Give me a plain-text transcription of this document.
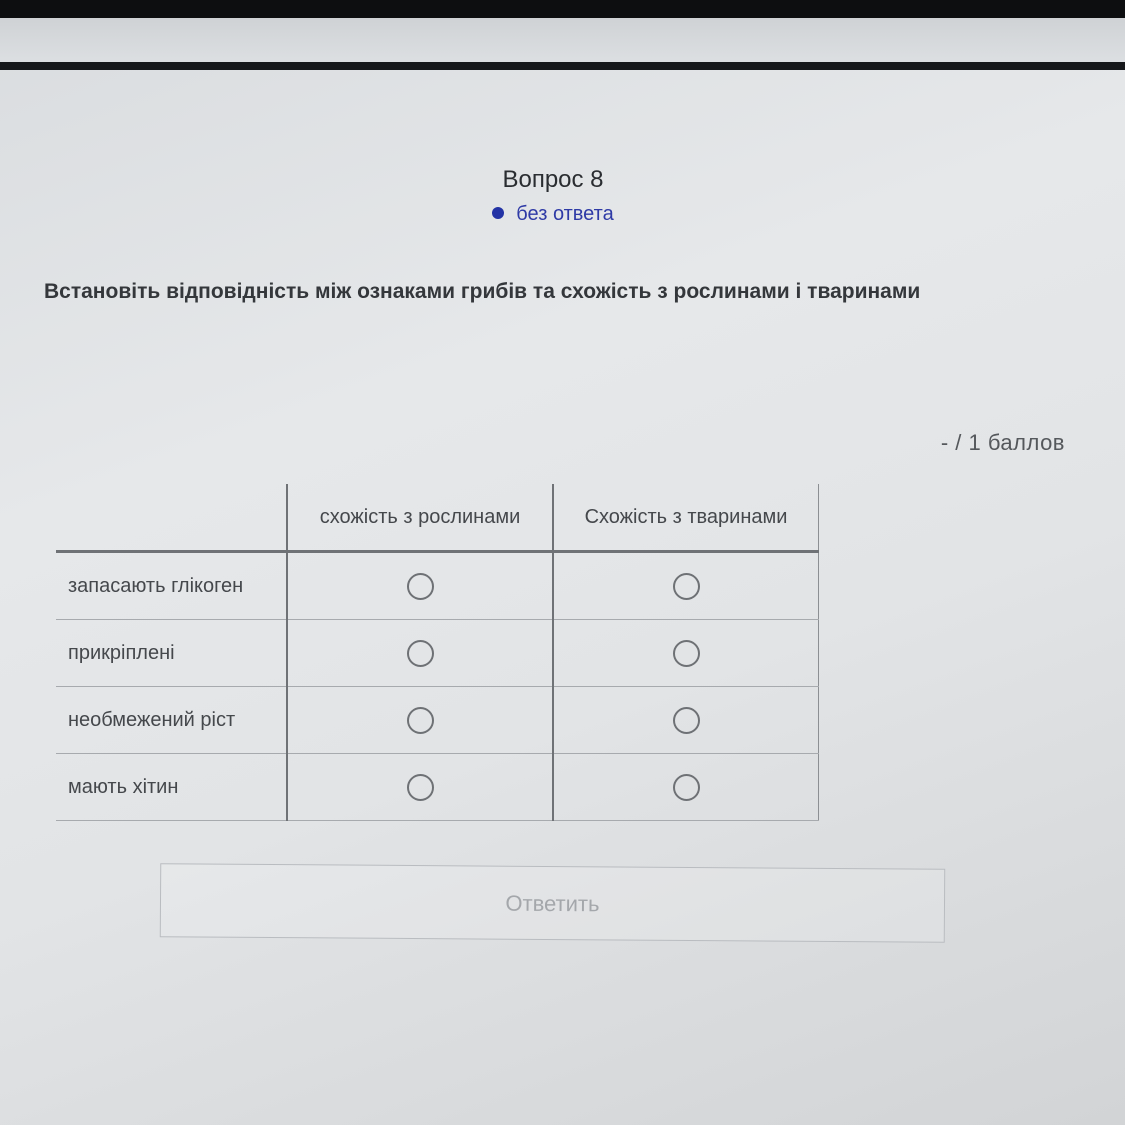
Вопрос 8
без ответа
Встановіть відповідність між ознаками грибів та схожість з рослинами і тваринами
- / 1 баллов
	схожість з рослинами	Схожість з тваринами
запасають глікоген		
прикріплені		
необмежений ріст		
мають хітин		
Ответить
